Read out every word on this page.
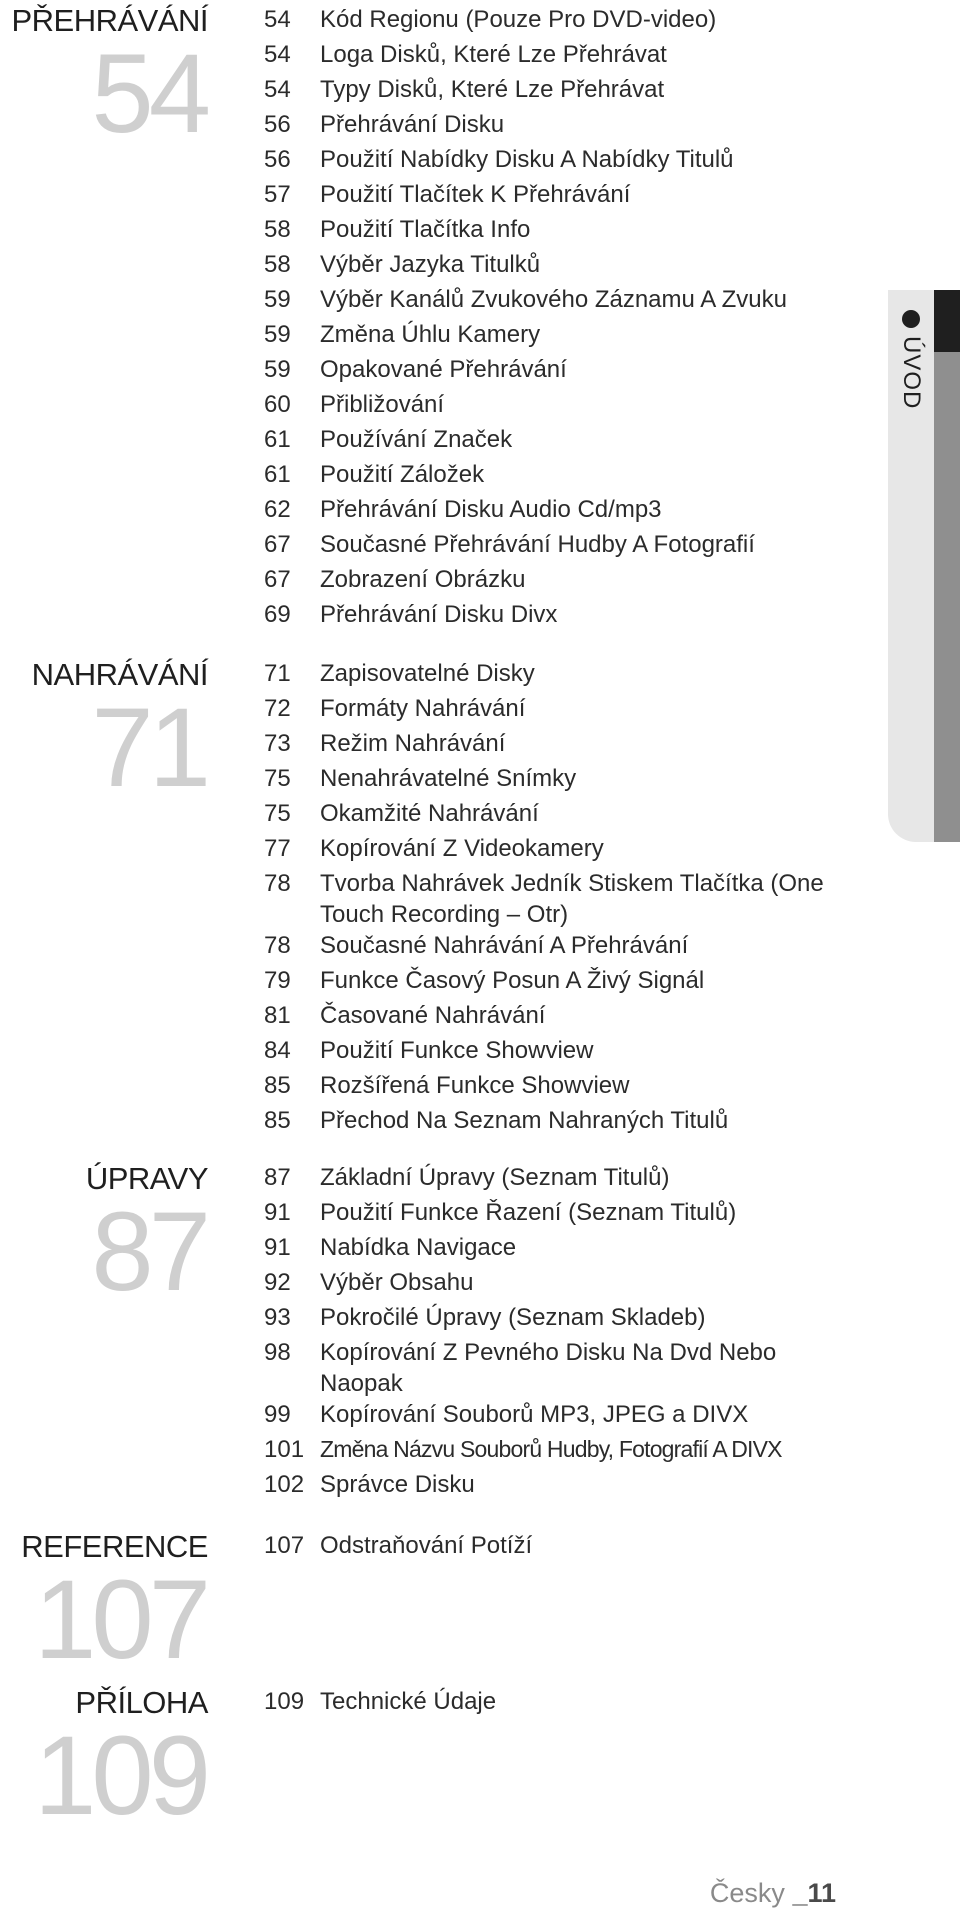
PŘEHRÁVÁNÍ
54
54	Kód Regionu (Pouze Pro DVD-video)
54	Loga Disků, Které Lze Přehrávat
54	Typy Disků, Které Lze Přehrávat
56	Přehrávání Disku
56	Použití Nabídky Disku A Nabídky Titulů
57	Použití Tlačítek K Přehrávání
58	Použití Tlačítka Info
58	Výběr Jazyka Titulků
59	Výběr Kanálů Zvukového Záznamu A Zvuku
59	Změna Úhlu Kamery
59	Opakované Přehrávání
60	Přibližování
61	Používání Značek
61	Použití Záložek
62	Přehrávání Disku Audio Cd/mp3
67	Současné Přehrávání Hudby A Fotografií
67	Zobrazení Obrázku
69	Přehrávání Disku Divx
NAHRÁVÁNÍ
71
71	Zapisovatelné Disky
72	Formáty Nahrávání
73	Režim Nahrávání
75	Nenahrávatelné Snímky
75	Okamžité Nahrávání
77	Kopírování Z Videokamery
78	Tvorba Nahrávek Jedník Stiskem Tlačítka (One Touch Recording – Otr)
78	Současné Nahrávání A Přehrávání
79	Funkce Časový Posun A Živý Signál
81	Časované Nahrávání
84	Použití Funkce Showview
85	Rozšířená Funkce Showview
85	Přechod Na Seznam Nahraných Titulů
ÚPRAVY
87
87	Základní Úpravy (Seznam Titulů)
91	Použití Funkce Řazení (Seznam Titulů)
91	Nabídka Navigace
92	Výběr Obsahu
93	Pokročilé Úpravy (Seznam Skladeb)
98	Kopírování Z Pevného Disku Na Dvd Nebo Naopak
99	Kopírování Souborů MP3, JPEG a DIVX
101 Změna Názvu Souborů Hudby, Fotografií A DIVX
102 Správce Disku
REFERENCE
107
107 Odstraňování Potíží
PŘÍLOHA
109
109 Technické Údaje
ÚVOD
Česky _11
